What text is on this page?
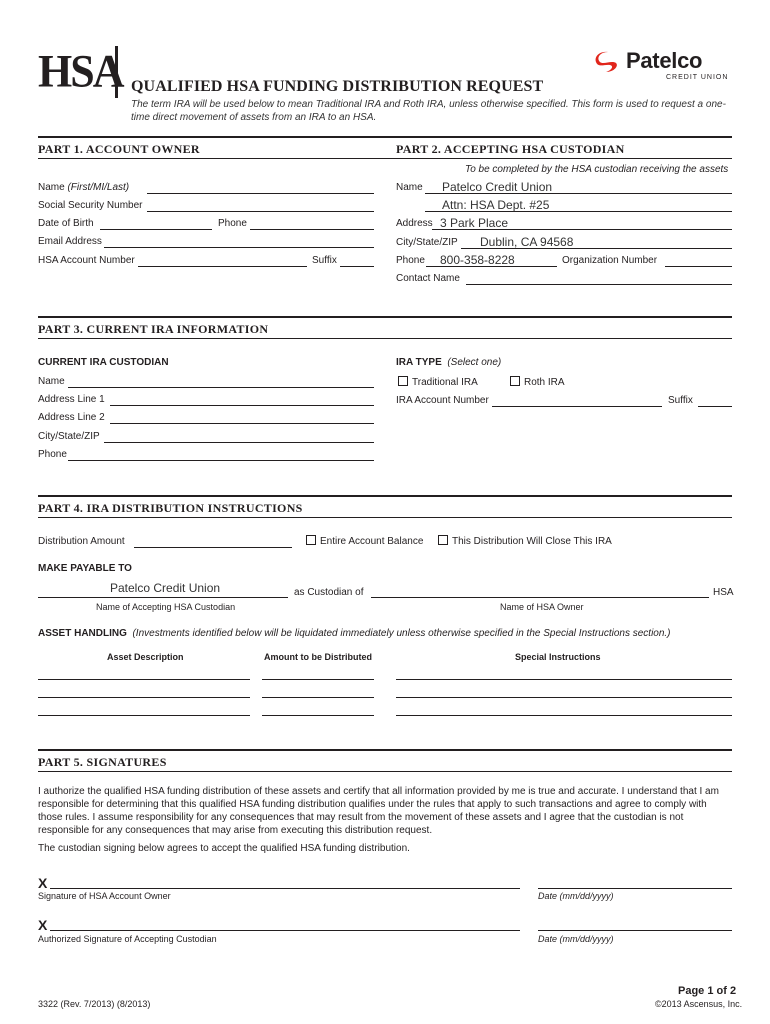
HSA QUALIFIED HSA FUNDING DISTRIBUTION REQUEST
The term IRA will be used below to mean Traditional IRA and Roth IRA, unless otherwise specified. This form is used to request a one-time direct movement of assets from an IRA to an HSA.
Patelco
CREDIT UNION
PART 1. ACCOUNT OWNER	PART 2. ACCEPTING HSA CUSTODIAN
To be completed by the HSA custodian receiving the assets
Name (First/MI/Last)
Social Security Number
Date of Birth	Phone
Email Address
HSA Account Number	Suffix
Name Patelco Credit Union
Attn: HSA Dept. #25
Address 3 Park Place
City/State/ZIP Dublin, CA 94568
Phone 800-358-8228	Organization Number
Contact Name
PART 3. CURRENT IRA INFORMATION
CURRENT IRA CUSTODIAN
Name
Address Line 1
Address Line 2
City/State/ZIP
Phone
IRA TYPE (Select one)
Traditional IRA	Roth IRA
IRA Account Number	Suffix
PART 4. IRA DISTRIBUTION INSTRUCTIONS
Distribution Amount	Entire Account Balance	This Distribution Will Close This IRA
MAKE PAYABLE TO
Patelco Credit Union	as Custodian of	HSA
Name of Accepting HSA Custodian	Name of HSA Owner
ASSET HANDLING (Investments identified below will be liquidated immediately unless otherwise specified in the Special Instructions section.)
Asset Description	Amount to be Distributed	Special Instructions
PART 5. SIGNATURES
I authorize the qualified HSA funding distribution of these assets and certify that all information provided by me is true and accurate. I understand that I am responsible for determining that this qualified HSA funding distribution qualifies under the rules that apply to such transactions and agree to comply with those rules. I assume responsibility for any consequences that may result from the movement of these assets and I agree that the custodian is not responsible for any consequences that may arise from executing this distribution request.
The custodian signing below agrees to accept the qualified HSA funding distribution.
X
Signature of HSA Account Owner	Date (mm/dd/yyyy)
X
Authorized Signature of Accepting Custodian	Date (mm/dd/yyyy)
Page 1 of 2
3322 (Rev. 7/2013) (8/2013)	©2013 Ascensus, Inc.
